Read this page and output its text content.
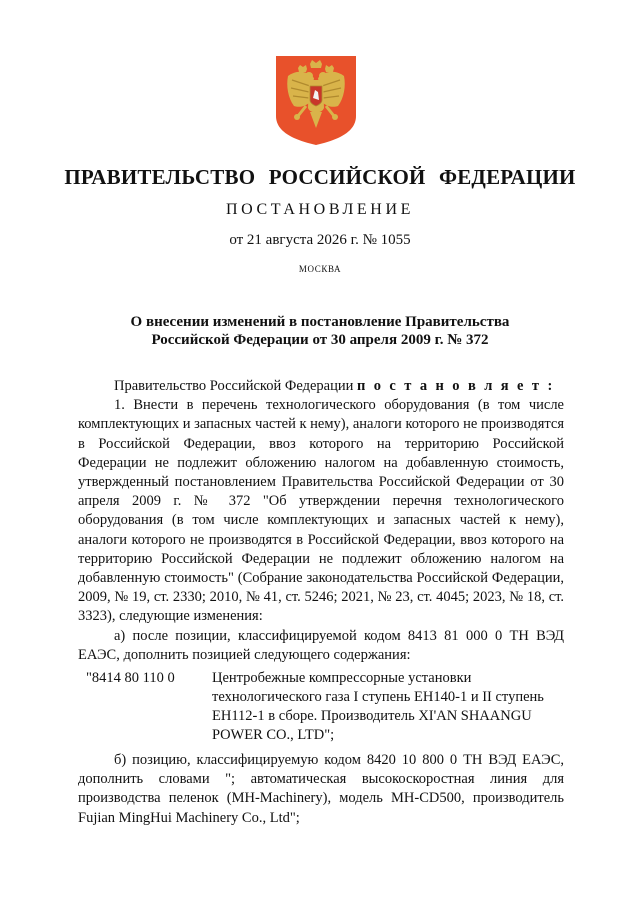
ПРАВИТЕЛЬСТВО РОССИЙСКОЙ ФЕДЕРАЦИИ
ПОСТАНОВЛЕНИЕ
от 21 августа 2026 г. № 1055
МОСКВА
О внесении изменений в постановление Правительства
Российской Федерации от 30 апреля 2009 г. № 372

Правительство Российской Федерации п о с т а н о в л я е т :

1. Внести в перечень технологического оборудования (в том числе комплектующих и запасных частей к нему), аналоги которого не производятся в Российской Федерации, ввоз которого на территорию Российской Федерации не подлежит обложению налогом на добавленную стоимость, утвержденный постановлением Правительства Российской Федерации от 30 апреля 2009 г. № 372 "Об утверждении перечня технологического оборудования (в том числе комплектующих и запасных частей к нему), аналоги которого не производятся в Российской Федерации, ввоз которого на территорию Российской Федерации не подлежит обложению налогом на добавленную стоимость" (Собрание законодательства Российской Федерации, 2009, № 19, ст. 2330; 2010, № 41, ст. 5246; 2021, № 23, ст. 4045; 2023, № 18, ст. 3323), следующие изменения:

а) после позиции, классифицируемой кодом 8413 81 000 0 ТН ВЭД ЕАЭС, дополнить позицией следующего содержания:

"8414 80 110 0	Центробежные компрессорные установки технологического газа I ступень ЕН140-1 и II ступень ЕН112-1 в сборе. Производитель XI'AN SHAANGU POWER CO., LTD";

б) позицию, классифицируемую кодом 8420 10 800 0 ТН ВЭД ЕАЭС, дополнить словами "; автоматическая высокоскоростная линия для производства пеленок (MH-Machinery), модель MH-CD500, производитель Fujian MingHui Machinery Co., Ltd";
